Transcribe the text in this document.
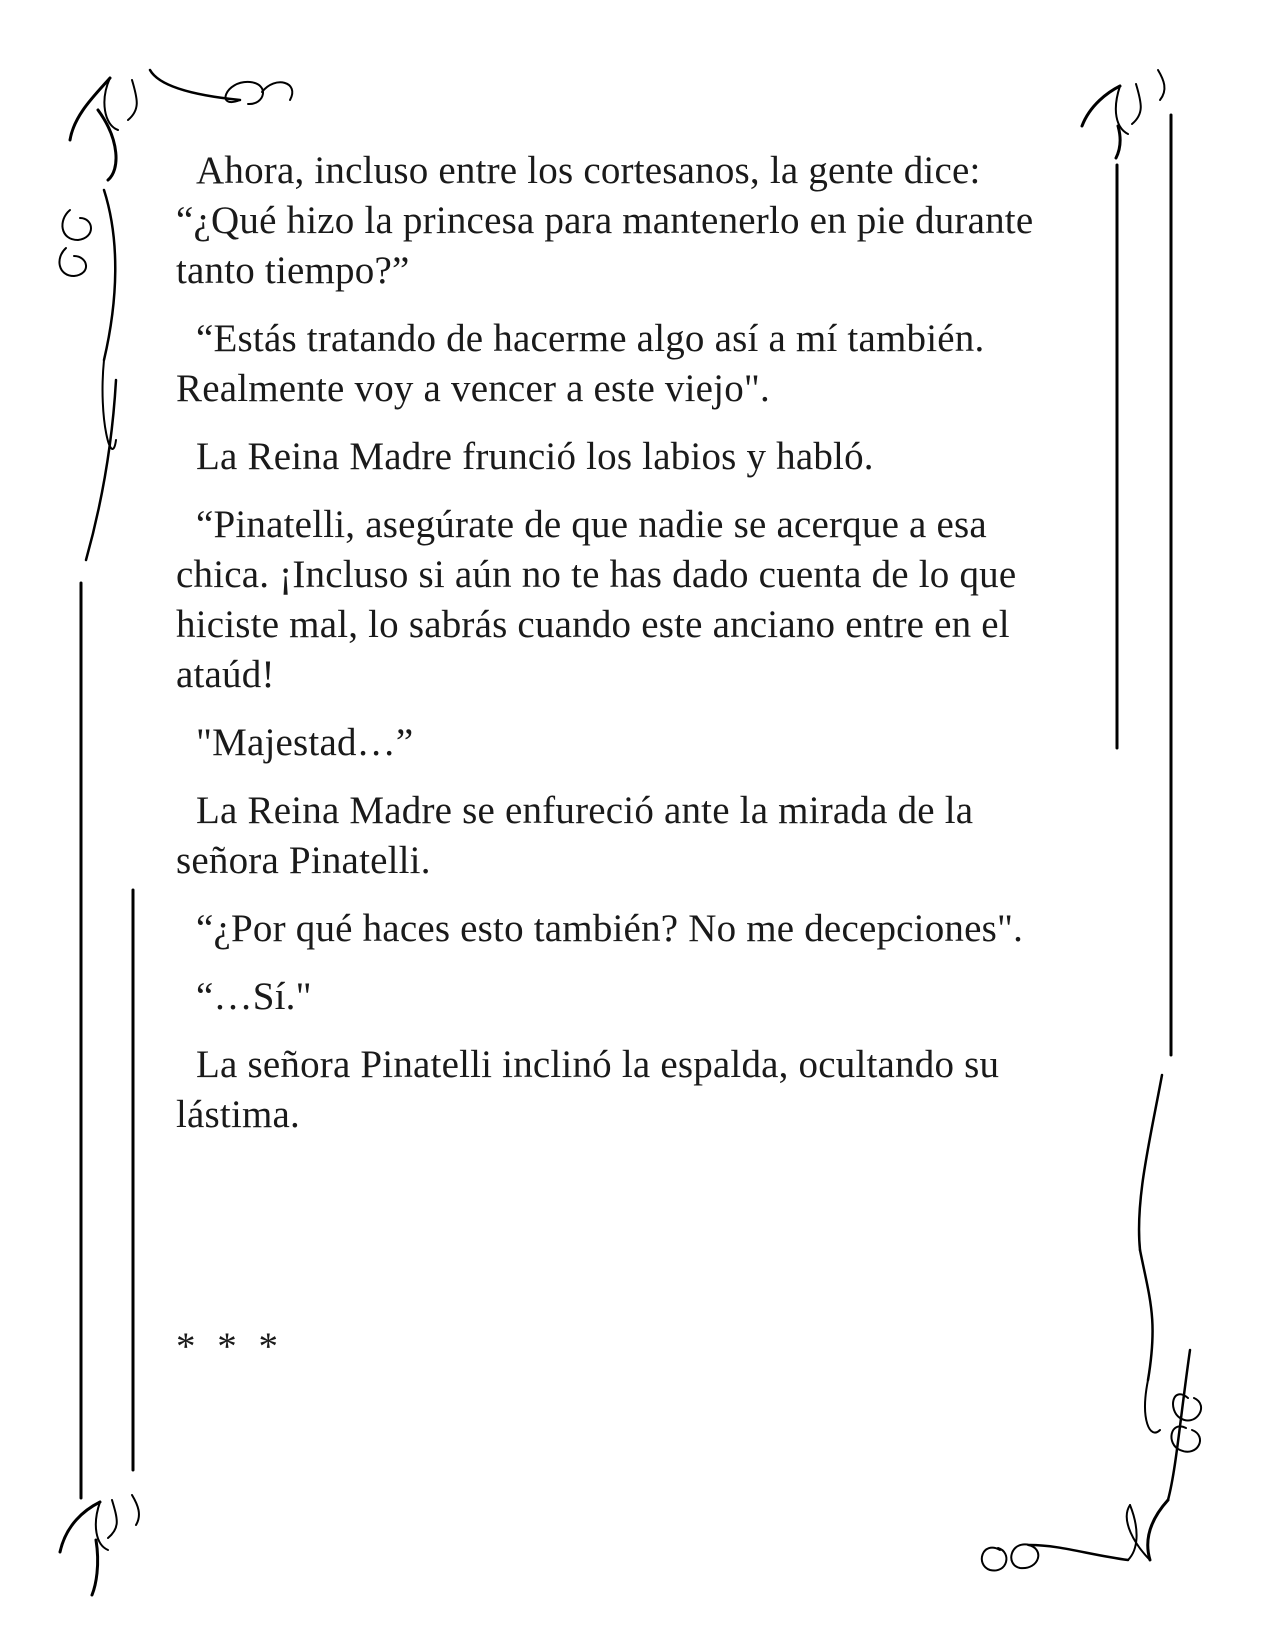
Ahora, incluso entre los cortesanos, la gente dice: “¿Qué hizo la princesa para mantenerlo en pie durante tanto tiempo?”

“Estás tratando de hacerme algo así a mí también. Realmente voy a vencer a este viejo".

La Reina Madre frunció los labios y habló.

“Pinatelli, asegúrate de que nadie se acerque a esa chica. ¡Incluso si aún no te has dado cuenta de lo que hiciste mal, lo sabrás cuando este anciano entre en el ataúd!

"Majestad…”

La Reina Madre se enfureció ante la mirada de la señora Pinatelli.

“¿Por qué haces esto también? No me decepciones".

“…Sí."

La señora Pinatelli inclinó la espalda, ocultando su lástima.

* * *
